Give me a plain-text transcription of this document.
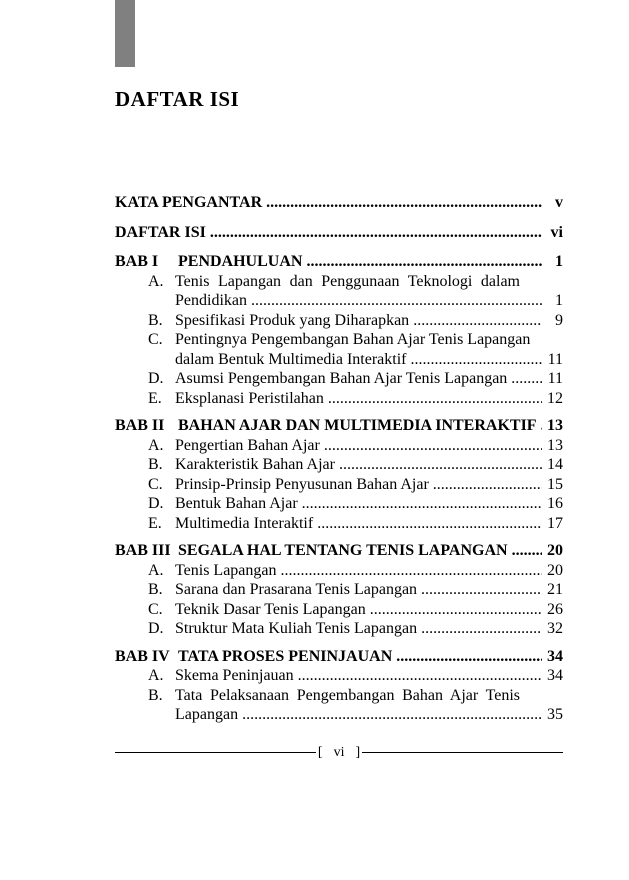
DAFTAR ISI
KATA PENGANTAR .....	v
DAFTAR ISI .....	vi
BAB I	PENDAHULUAN .....	1
A. Tenis Lapangan dan Penggunaan Teknologi dalam
Pendidikan .....	1
B. Spesifikasi Produk yang Diharapkan .....	9
C. Pentingnya Pengembangan Bahan Ajar Tenis Lapangan
dalam Bentuk Multimedia Interaktif .....	11
D. Asumsi Pengembangan Bahan Ajar Tenis Lapangan .....	11
E. Eksplanasi Peristilahan .....	12
BAB II BAHAN AJAR DAN MULTIMEDIA INTERAKTIF ..... 13
A. Pengertian Bahan Ajar .....	13
B. Karakteristik Bahan Ajar .....	14
C. Prinsip-Prinsip Penyusunan Bahan Ajar .....	15
D. Bentuk Bahan Ajar .....	16
E. Multimedia Interaktif .....	17
BAB III SEGALA HAL TENTANG TENIS LAPANGAN .....	20
A. Tenis Lapangan .....	20
B. Sarana dan Prasarana Tenis Lapangan .....	21
C. Teknik Dasar Tenis Lapangan .....	26
D. Struktur Mata Kuliah Tenis Lapangan .....	32
BAB IV TATA PROSES PENINJAUAN .....	34
A. Skema Peninjauan .....	34
B. Tata Pelaksanaan Pengembangan Bahan Ajar Tenis
Lapangan .....	35
[ vi ]
